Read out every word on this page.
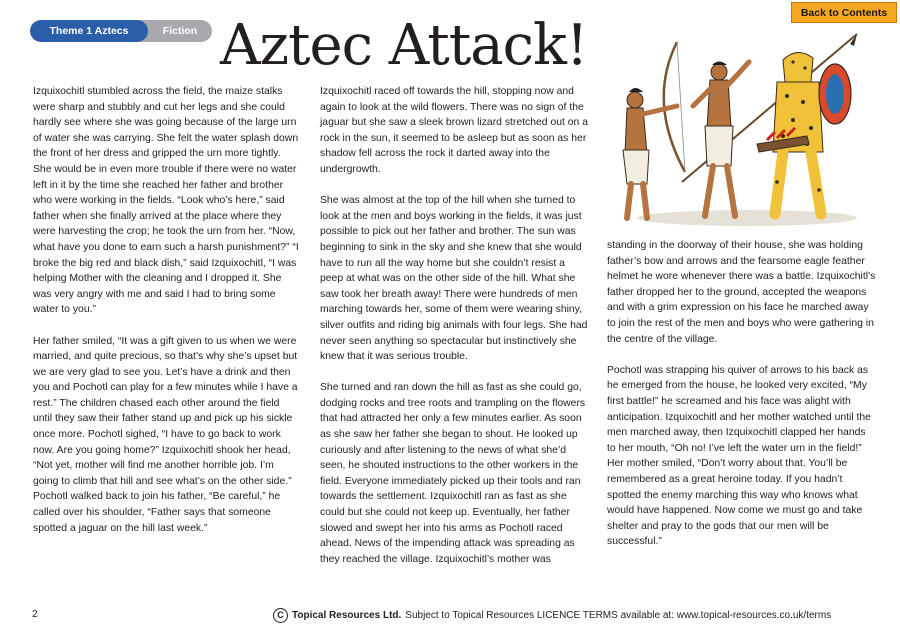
Theme 1 Aztecs	Fiction Aztec Attack!	Back to Contents

Izquixochitl stumbled across the field, the maize stalks were sharp and stubbly and cut her legs and she could hardly see where she was going because of the large urn of water she was carrying. She felt the water splash down the front of her dress and gripped the urn more tightly. She would be in even more trouble if there were no water left in it by the time she reached her father and brother who were working in the fields. “Look who’s here,” said father when she finally arrived at the place where they were harvesting the crop; he took the urn from her. “Now, what have you done to earn such a harsh punishment?” “I broke the big red and black dish,” said Izquixochitl, “I was helping Mother with the cleaning and I dropped it. She was very angry with me and said I had to bring some water to you.”

Her father smiled, “It was a gift given to us when we were married, and quite precious, so that’s why she’s upset but we are very glad to see you. Let’s have a drink and then you and Pochotl can play for a few minutes while I have a rest.” The children chased each other around the field until they saw their father stand up and pick up his sickle once more. Pochotl sighed, “I have to go back to work now. Are you going home?” Izquixochitl shook her head, “Not yet, mother will find me another horrible job. I’m going to climb that hill and see what’s on the other side.” Pochotl walked back to join his father, “Be careful,” he called over his shoulder, “Father says that someone spotted a jaguar on the hill last week.”

Izquixochitl raced off towards the hill, stopping now and again to look at the wild flowers. There was no sign of the jaguar but she saw a sleek brown lizard stretched out on a rock in the sun, it seemed to be asleep but as soon as her shadow fell across the rock it darted away into the undergrowth.

She was almost at the top of the hill when she turned to look at the men and boys working in the fields, it was just possible to pick out her father and brother. The sun was beginning to sink in the sky and she knew that she would have to run all the way home but she couldn’t resist a peep at what was on the other side of the hill. What she saw took her breath away! There were hundreds of men marching towards her, some of them were wearing shiny, silver outfits and riding big animals with four legs. She had never seen anything so spectacular but instinctively she knew that it was serious trouble.

She turned and ran down the hill as fast as she could go, dodging rocks and tree roots and trampling on the flowers that had attracted her only a few minutes earlier. As soon as she saw her father she began to shout. He looked up curiously and after listening to the news of what she’d seen, he shouted instructions to the other workers in the field. Everyone immediately picked up their tools and ran towards the settlement. Izquixochitl ran as fast as she could but she could not keep up. Eventually, her father slowed and swept her into his arms as Pochotl raced ahead. News of the impending attack was spreading as they reached the village. Izquixochitl’s mother was

standing in the doorway of their house, she was holding father’s bow and arrows and the fearsome eagle feather helmet he wore whenever there was a battle. Izquixochitl’s father dropped her to the ground, accepted the weapons and with a grim expression on his face he marched away to join the rest of the men and boys who were gathering in the centre of the village.

Pochotl was strapping his quiver of arrows to his back as he emerged from the house, he looked very excited, “My first battle!” he screamed and his face was alight with anticipation. Izquixochitl and her mother watched until the men marched away, then Izquixochitl clapped her hands to her mouth, “Oh no! I’ve left the water urn in the field!” Her mother smiled, “Don’t worry about that. You’ll be remembered as a great heroine today. If you hadn’t spotted the enemy marching this way who knows what would have happened. Now come we must go and take shelter and pray to the gods that our men will be successful.”

2	C Topical Resources Ltd. Subject to Topical Resources LICENCE TERMS available at: www.topical-resources.co.uk/terms
